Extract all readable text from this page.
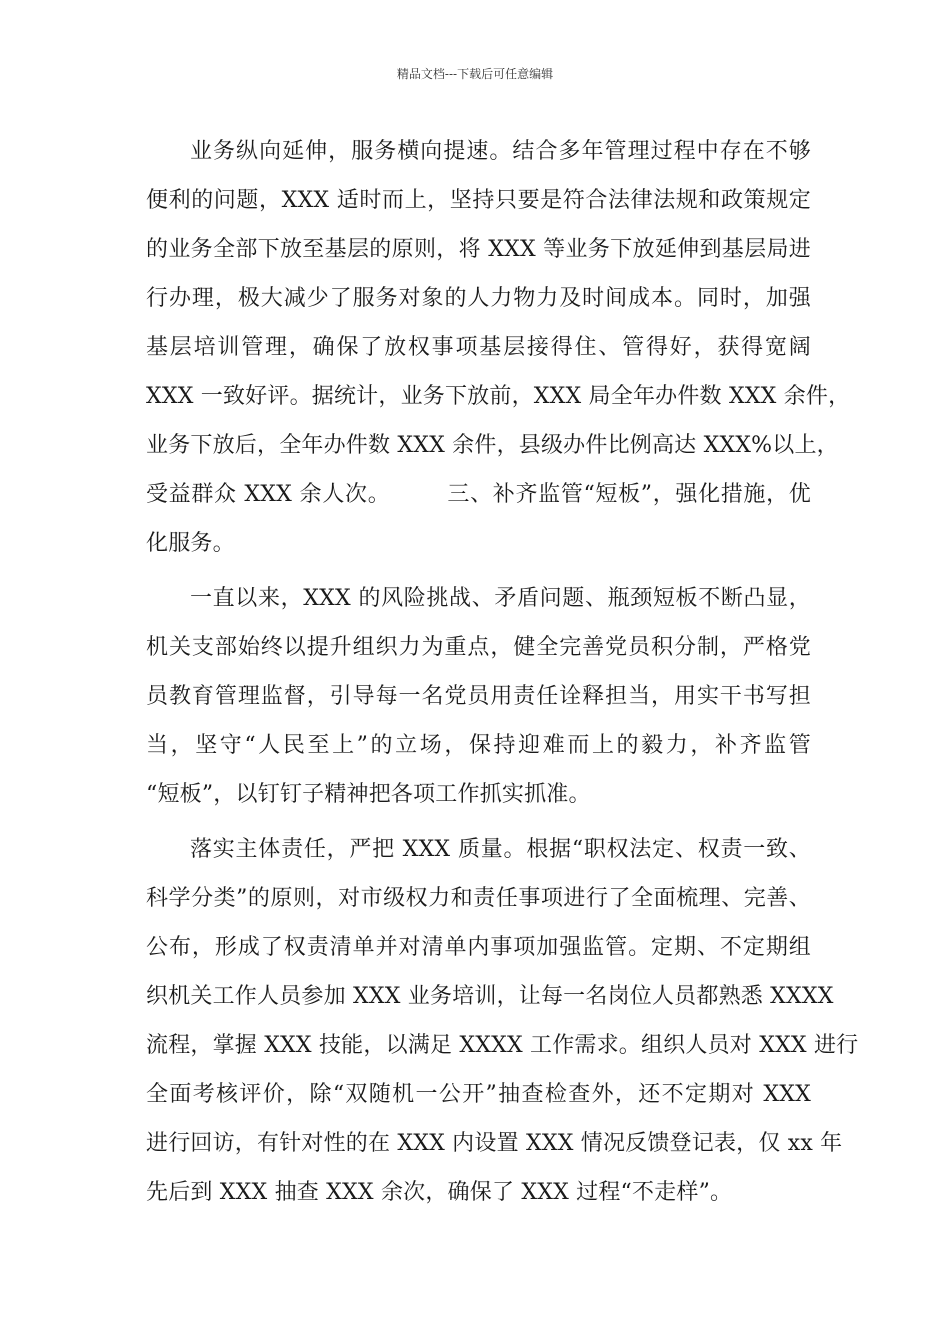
精品文档---下载后可任意编辑
业务纵向延伸，服务横向提速。结合多年管理过程中存在不够
便利的问题，XXX 适时而上，坚持只要是符合法律法规和政策规定
的业务全部下放至基层的原则，将 XXX 等业务下放延伸到基层局进
行办理，极大减少了服务对象的人力物力及时间成本。同时，加强
基层培训管理，确保了放权事项基层接得住、管得好，获得宽阔
XXX 一致好评。据统计，业务下放前，XXX 局全年办件数 XXX 余件，
业务下放后，全年办件数 XXX 余件，县级办件比例高达 XXX%以上，
受益群众 XXX 余人次。　　　三、补齐监管“短板”，强化措施，优
化服务。
一直以来，XXX 的风险挑战、矛盾问题、瓶颈短板不断凸显，
机关支部始终以提升组织力为重点，健全完善党员积分制，严格党
员教育管理监督，引导每一名党员用责任诠释担当，用实干书写担
当，坚守“人民至上”的立场，保持迎难而上的毅力，补齐监管
“短板”，以钉钉子精神把各项工作抓实抓准。
落实主体责任，严把 XXX 质量。根据“职权法定、权责一致、
科学分类”的原则，对市级权力和责任事项进行了全面梳理、完善、
公布，形成了权责清单并对清单内事项加强监管。定期、不定期组
织机关工作人员参加 XXX 业务培训，让每一名岗位人员都熟悉 XXXX
流程，掌握 XXX 技能，以满足 XXXX 工作需求。组织人员对 XXX 进行
全面考核评价，除“双随机一公开”抽查检查外，还不定期对 XXX
进行回访，有针对性的在 XXX 内设置 XXX 情况反馈登记表，仅 xx 年
先后到 XXX 抽查 XXX 余次，确保了 XXX 过程“不走样”。
